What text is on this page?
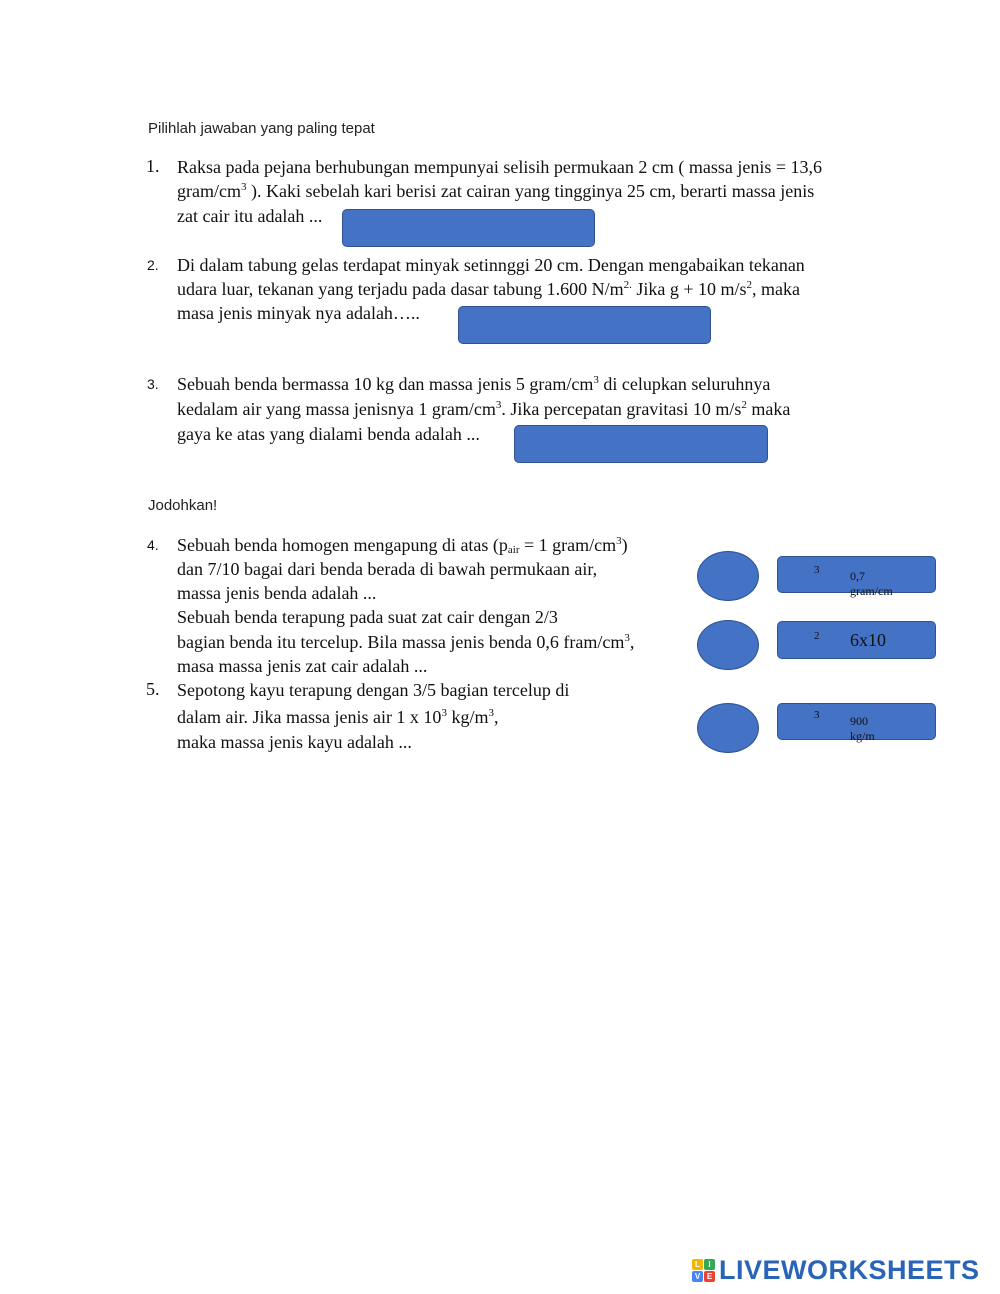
Pilihlah jawaban yang paling tepat
1. Raksa pada pejana berhubungan mempunyai selisih permukaan 2 cm ( massa jenis = 13,6
gram/$cm^3$ ). Kaki sebelah kari berisi zat cairan yang tingginya 25 cm, berarti massa jenis
zat cair itu adalah ...
2. Di dalam tabung gelas terdapat minyak setinnggi 20 cm. Dengan mengabaikan tekanan
udara luar, tekanan yang terjadu pada dasar tabung 1.600 $N/m^{2.}$ Jika g + 10 $m/s^2$, maka
masa jenis minyak nya adalah…..
3. Sebuah benda bermassa 10 kg dan massa jenis 5 gram/$cm^3$ di celupkan seluruhnya
kedalam air yang massa jenisnya 1 gram/$cm^3$. Jika percepatan gravitasi 10 $m/s^2$ maka
gaya ke atas yang dialami benda adalah ...
Jodohkan!
4. Sebuah benda homogen mengapung di atas ($p_{air} = 1$ gram/$cm^3$)
dan 7/10 bagai dari benda berada di bawah permukaan air,
massa jenis benda adalah ...
Sebuah benda terapung pada suat zat cair dengan 2/3
bagian benda itu tercelup. Bila massa jenis benda 0,6 fram/$cm^3$,
masa massa jenis zat cair adalah ...
5. Sepotong kayu terapung dengan 3/5 bagian tercelup di
dalam air. Jika massa jenis air 1 x $10^3$ $kg/m^3$,
maka massa jenis kayu adalah ...
0,7 gram/cm
$^3$
6x10
$^2$
900 kg/m
$^3$
L	I
V E LIVEWORKSHEETS
